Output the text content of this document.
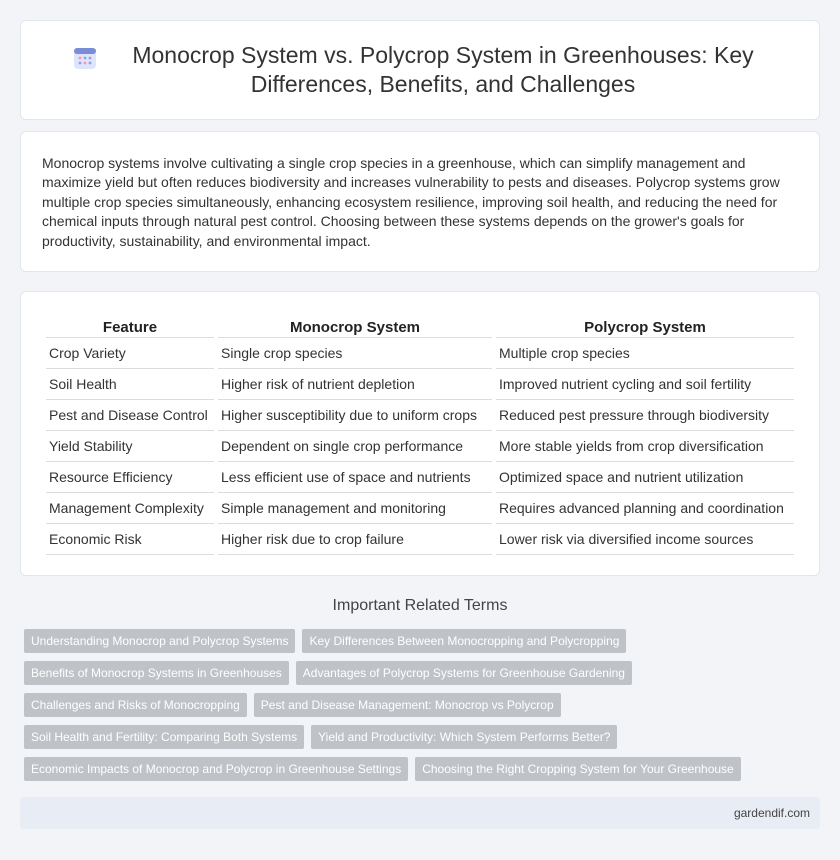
Monocrop System vs. Polycrop System in Greenhouses: Key Differences, Benefits, and Challenges

Monocrop systems involve cultivating a single crop species in a greenhouse, which can simplify management and maximize yield but often reduces biodiversity and increases vulnerability to pests and diseases. Polycrop systems grow multiple crop species simultaneously, enhancing ecosystem resilience, improving soil health, and reducing the need for chemical inputs through natural pest control. Choosing between these systems depends on the grower's goals for productivity, sustainability, and environmental impact.

Feature	Monocrop System	Polycrop System
Crop Variety	Single crop species	Multiple crop species
Soil Health	Higher risk of nutrient depletion	Improved nutrient cycling and soil fertility
Pest and Disease Control	Higher susceptibility due to uniform crops	Reduced pest pressure through biodiversity
Yield Stability	Dependent on single crop performance	More stable yields from crop diversification
Resource Efficiency	Less efficient use of space and nutrients	Optimized space and nutrient utilization
Management Complexity	Simple management and monitoring	Requires advanced planning and coordination
Economic Risk	Higher risk due to crop failure	Lower risk via diversified income sources
Important Related Terms
Understanding Monocrop and Polycrop Systems	Key Differences Between Monocropping and Polycropping
Benefits of Monocrop Systems in Greenhouses	Advantages of Polycrop Systems for Greenhouse Gardening
Challenges and Risks of Monocropping	Pest and Disease Management: Monocrop vs Polycrop
Soil Health and Fertility: Comparing Both Systems	Yield and Productivity: Which System Performs Better?
Economic Impacts of Monocrop and Polycrop in Greenhouse Settings	Choosing the Right Cropping System for Your Greenhouse
gardendif.com
